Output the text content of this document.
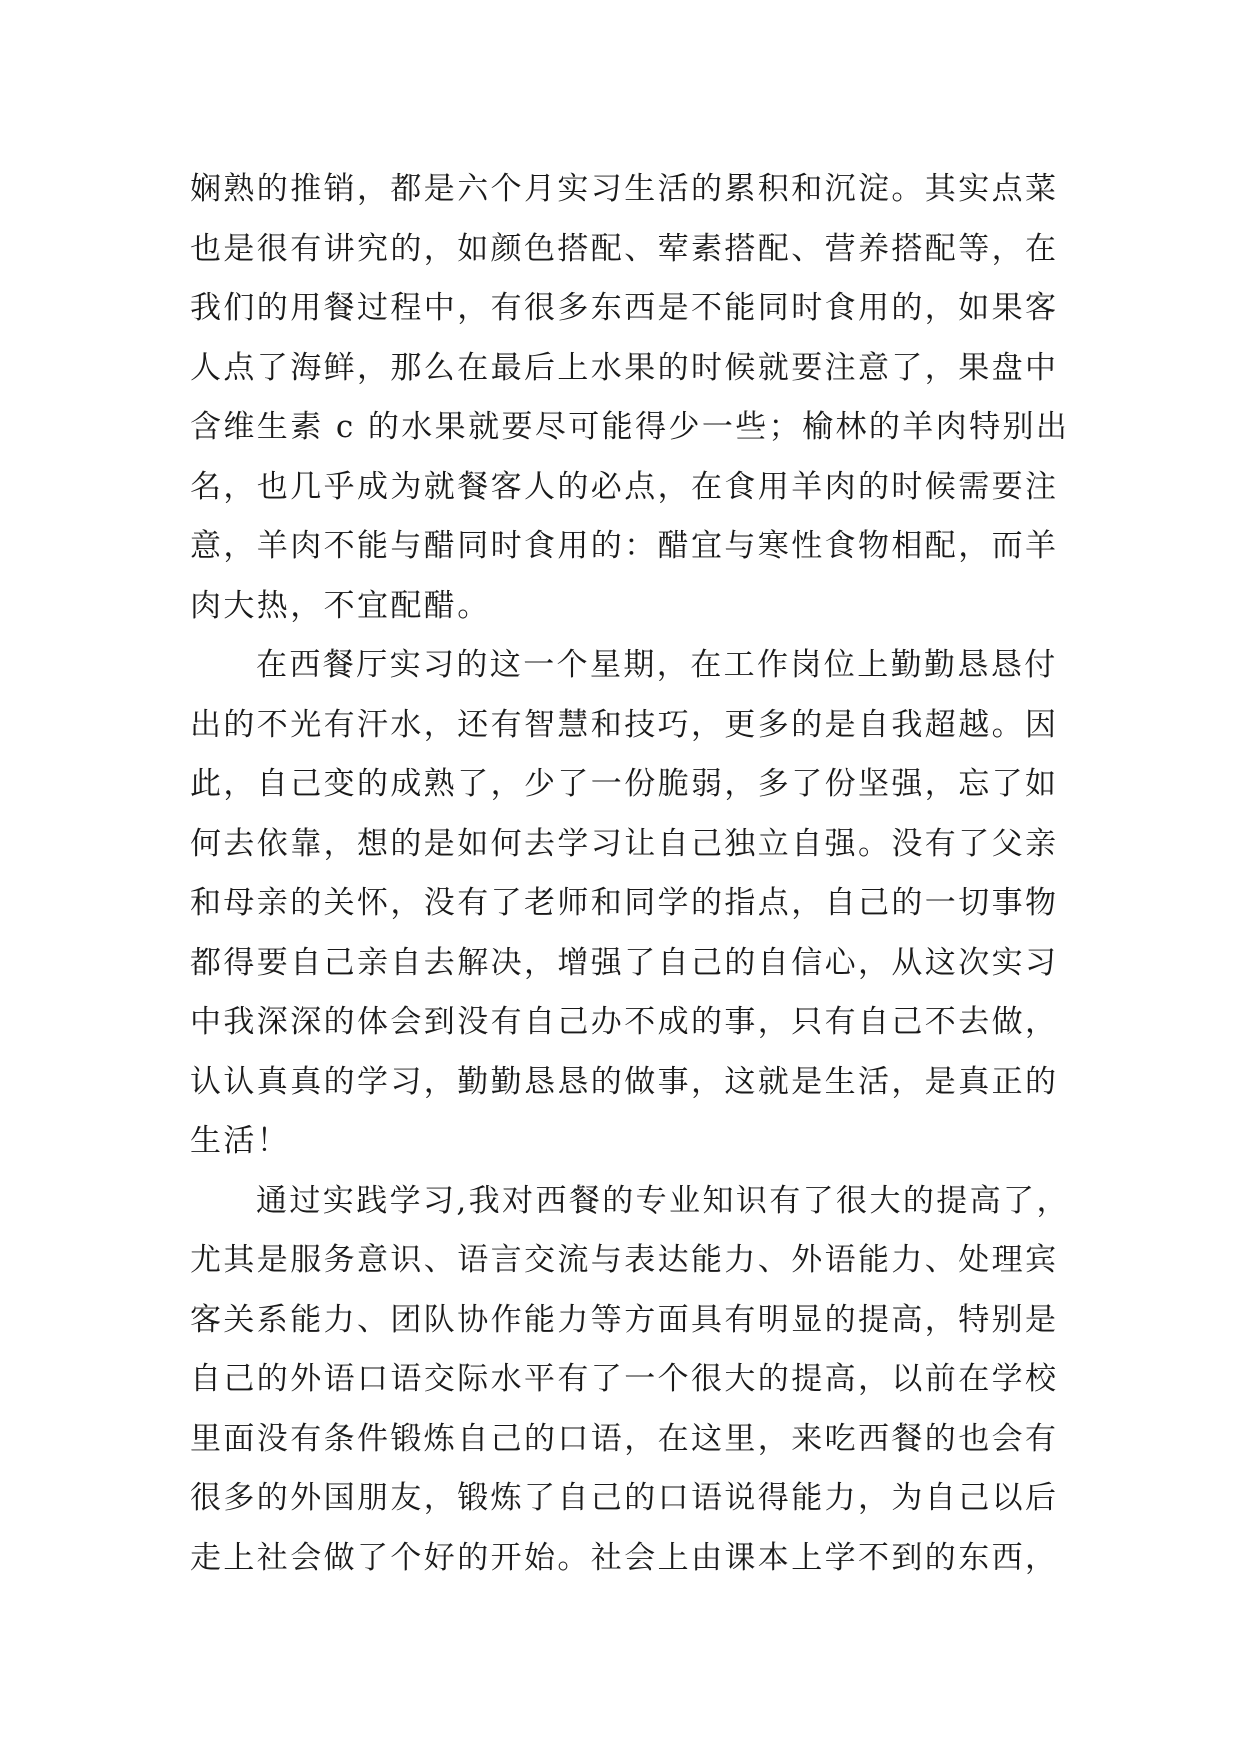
娴熟的推销，都是六个月实习生活的累积和沉淀。其实点菜
也是很有讲究的，如颜色搭配、荤素搭配、营养搭配等，在
我们的用餐过程中，有很多东西是不能同时食用的，如果客
人点了海鲜，那么在最后上水果的时候就要注意了，果盘中
含维生素 c 的水果就要尽可能得少一些；榆林的羊肉特别出
名，也几乎成为就餐客人的必点，在食用羊肉的时候需要注
意，羊肉不能与醋同时食用的：醋宜与寒性食物相配，而羊
肉大热，不宜配醋。
在西餐厅实习的这一个星期，在工作岗位上勤勤恳恳付
出的不光有汗水，还有智慧和技巧，更多的是自我超越。因
此，自己变的成熟了，少了一份脆弱，多了份坚强，忘了如
何去依靠，想的是如何去学习让自己独立自强。没有了父亲
和母亲的关怀，没有了老师和同学的指点，自己的一切事物
都得要自己亲自去解决，增强了自己的自信心，从这次实习
中我深深的体会到没有自己办不成的事，只有自己不去做，
认认真真的学习，勤勤恳恳的做事，这就是生活，是真正的
生活！
通过实践学习,我对西餐的专业知识有了很大的提高了，
尤其是服务意识、语言交流与表达能力、外语能力、处理宾
客关系能力、团队协作能力等方面具有明显的提高，特别是
自己的外语口语交际水平有了一个很大的提高，以前在学校
里面没有条件锻炼自己的口语，在这里，来吃西餐的也会有
很多的外国朋友，锻炼了自己的口语说得能力，为自己以后
走上社会做了个好的开始。社会上由课本上学不到的东西，
